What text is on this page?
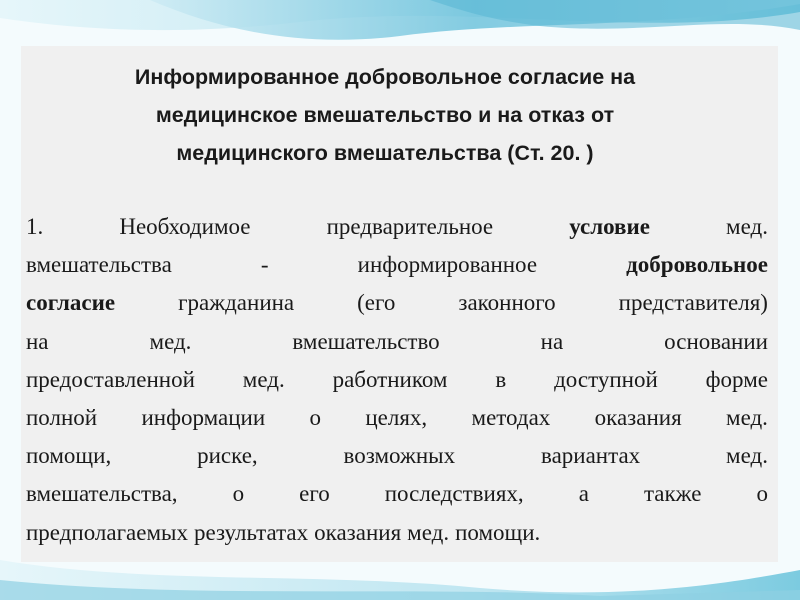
Информированное добровольное согласие на
медицинское вмешательство и на отказ от
медицинского вмешательства (Ст. 20. )
1.	Необходимое	предварительное	условие	мед.
вмешательства	-	информированное	добровольное
согласие	гражданина	(его	законного	представителя)
на	мед.	вмешательство	на	основании
предоставленной мед. работником в доступной форме
полной информации о целях, методах оказания мед.
помощи,	риске,	возможных	вариантах	мед.
вмешательства, о его последствиях, а также о
предполагаемых результатах оказания мед. помощи.
